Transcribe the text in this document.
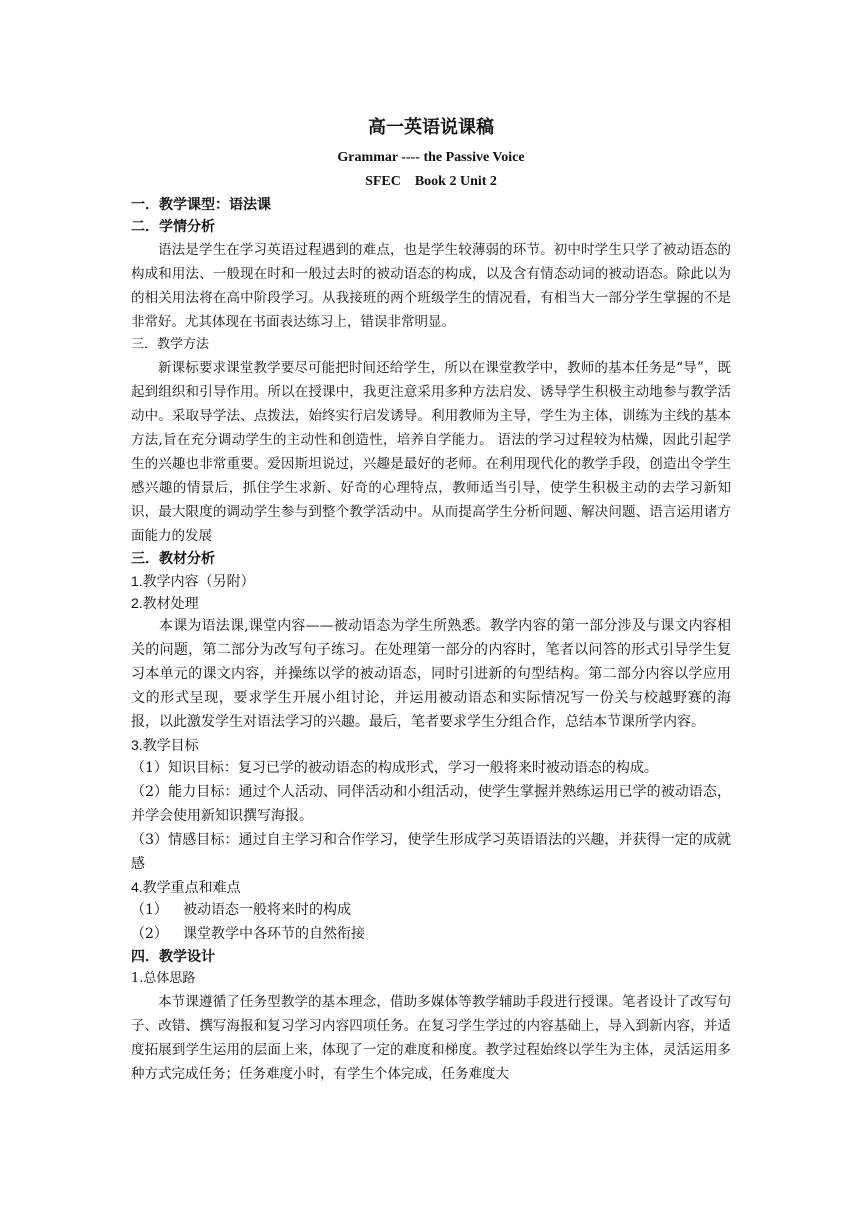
高一英语说课稿
Grammar ---- the Passive Voice
SFEC    Book 2 Unit 2
一．教学课型：语法课
二．学情分析

语法是学生在学习英语过程遇到的难点，也是学生较薄弱的环节。初中时学生只学了被动语态的构成和用法、一般现在时和一般过去时的被动语态的构成，以及含有情态动词的被动语态。除此以为的相关用法将在高中阶段学习。从我接班的两个班级学生的情况看，有相当大一部分学生掌握的不是非常好。尤其体现在书面表达练习上，错误非常明显。

三．教学方法

新课标要求课堂教学要尽可能把时间还给学生，所以在课堂教学中，教师的基本任务是“导”，既起到组织和引导作用。所以在授课中，我更注意采用多种方法启发、诱导学生积极主动地参与教学活动中。采取导学法、点拨法，始终实行启发诱导。利用教师为主导，学生为主体，训练为主线的基本方法,旨在充分调动学生的主动性和创造性，培养自学能力。 语法的学习过程较为枯燥，因此引起学生的兴趣也非常重要。爱因斯坦说过，兴趣是最好的老师。在利用现代化的教学手段，创造出令学生感兴趣的情景后，抓住学生求新、好奇的心理特点，教师适当引导，使学生积极主动的去学习新知识，最大限度的调动学生参与到整个教学活动中。从而提高学生分析问题、解决问题、语言运用诸方面能力的发展

三．教材分析
1.教学内容（另附）
2.教材处理

本课为语法课,课堂内容——被动语态为学生所熟悉。教学内容的第一部分涉及与课文内容相关的问题，第二部分为改写句子练习。在处理第一部分的内容时，笔者以问答的形式引导学生复习本单元的课文内容，并操练以学的被动语态，同时引进新的句型结构。第二部分内容以学应用文的形式呈现，要求学生开展小组讨论，并运用被动语态和实际情况写一份关与校越野赛的海报，以此激发学生对语法学习的兴趣。最后，笔者要求学生分组合作，总结本节课所学内容。

3.教学目标

（1）知识目标：复习已学的被动语态的构成形式，学习一般将来时被动语态的构成。

（2）能力目标：通过个人活动、同伴活动和小组活动，使学生掌握并熟练运用已学的被动语态，并学会使用新知识撰写海报。

（3）情感目标：通过自主学习和合作学习，使学生形成学习英语语法的兴趣，并获得一定的成就感

4.教学重点和难点

（1） 被动语态一般将来时的构成

（2） 课堂教学中各环节的自然衔接

四．教学设计
1.总体思路

本节课遵循了任务型教学的基本理念，借助多媒体等教学辅助手段进行授课。笔者设计了改写句子、改错、撰写海报和复习学习内容四项任务。在复习学生学过的内容基础上，导入到新内容，并适度拓展到学生运用的层面上来，体现了一定的难度和梯度。教学过程始终以学生为主体，灵活运用多种方式完成任务；任务难度小时，有学生个体完成，任务难度大
